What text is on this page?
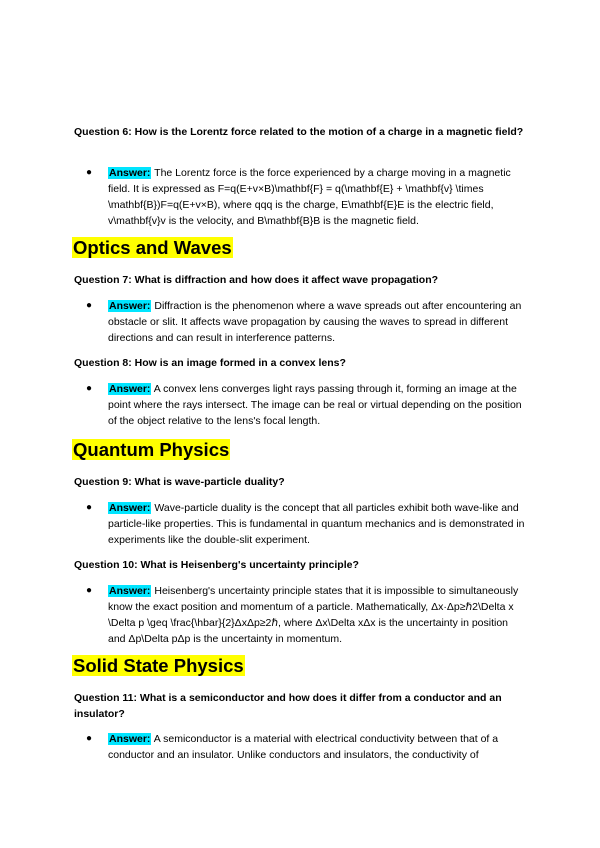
Question 6: How is the Lorentz force related to the motion of a charge in a magnetic field?
●	Answer: The Lorentz force is the force experienced by a charge moving in a magnetic field. It is expressed as F=q(E+v×B)\mathbf{F} = q(\mathbf{E} + \mathbf{v} \times \mathbf{B})F=q(E+v×B), where qqq is the charge, E\mathbf{E}E is the electric field, v\mathbf{v}v is the velocity, and B\mathbf{B}B is the magnetic field.
Optics and Waves
Question 7: What is diffraction and how does it affect wave propagation?
●	Answer: Diffraction is the phenomenon where a wave spreads out after encountering an obstacle or slit. It affects wave propagation by causing the waves to spread in different directions and can result in interference patterns.
Question 8: How is an image formed in a convex lens?
●	Answer: A convex lens converges light rays passing through it, forming an image at the point where the rays intersect. The image can be real or virtual depending on the position of the object relative to the lens's focal length.
Quantum Physics
Question 9: What is wave-particle duality?
●	Answer: Wave-particle duality is the concept that all particles exhibit both wave-like and particle-like properties. This is fundamental in quantum mechanics and is demonstrated in experiments like the double-slit experiment.
Question 10: What is Heisenberg's uncertainty principle?
●	Answer: Heisenberg's uncertainty principle states that it is impossible to simultaneously know the exact position and momentum of a particle. Mathematically, Δx·Δp≥ℏ2\Delta x \Delta p \geq \frac{\hbar}{2}ΔxΔp≥2ℏ, where Δx\Delta xΔx is the uncertainty in position and Δp\Delta pΔp is the uncertainty in momentum.
Solid State Physics
Question 11: What is a semiconductor and how does it differ from a conductor and an insulator?
●	Answer: A semiconductor is a material with electrical conductivity between that of a conductor and an insulator. Unlike conductors and insulators, the conductivity of
